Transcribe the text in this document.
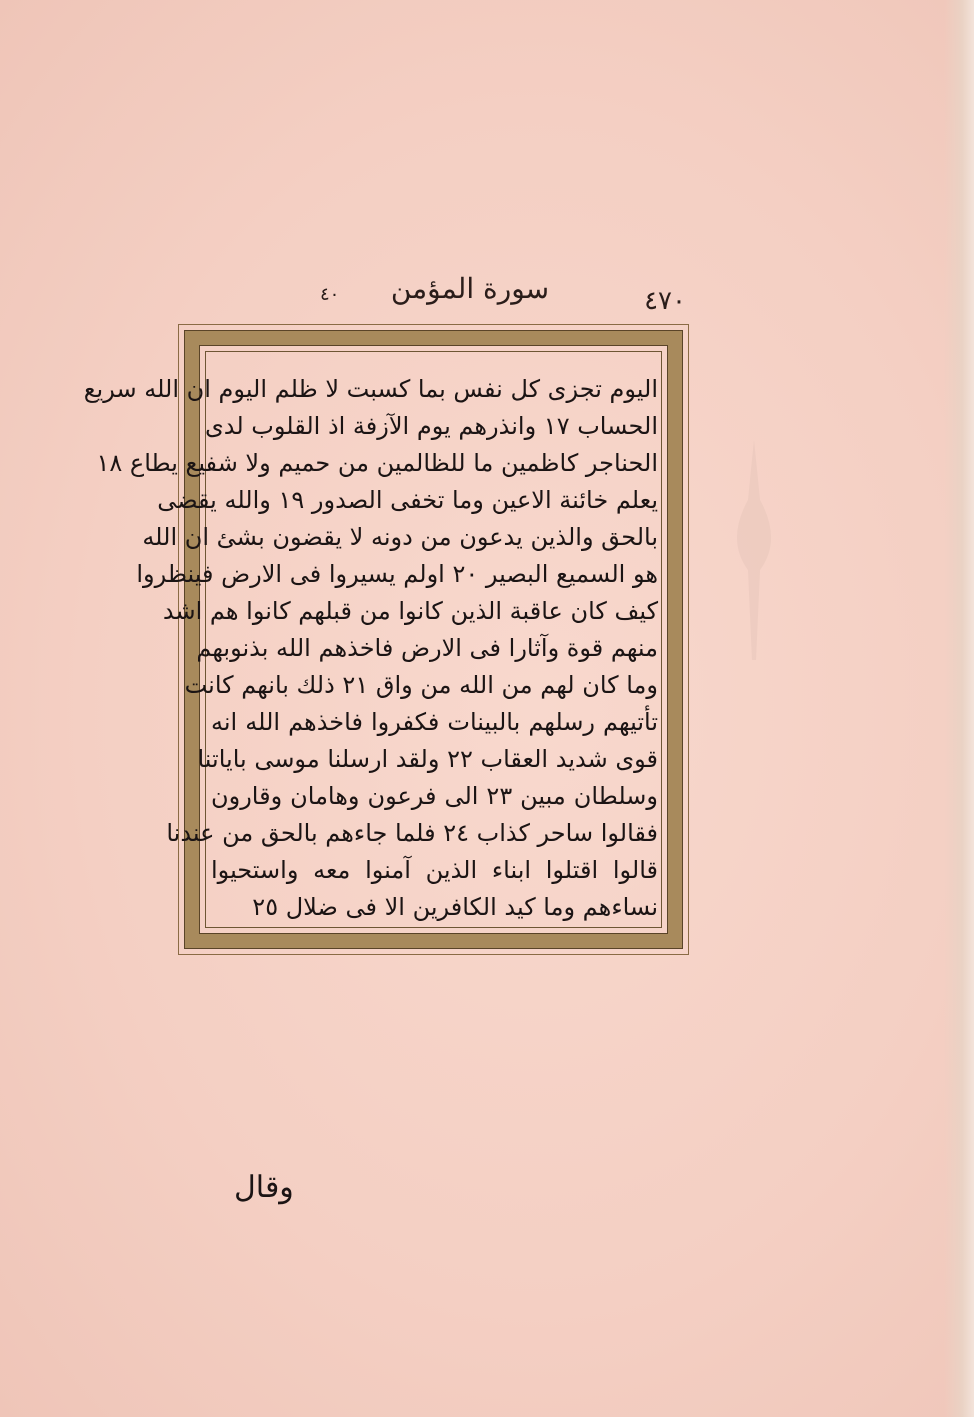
٤٧٠
سورة المؤمن
٤٠
اليوم تجزى كل نفس بما كسبت لا ظلم اليوم ان الله سريع
الحساب ١٧ وانذرهم يوم الآزفة اذ القلوب لدى
الحناجر كاظمين ما للظالمين من حميم ولا شفيع يطاع ١٨
يعلم خائنة الاعين وما تخفى الصدور ١٩ والله يقضى
بالحق والذين يدعون من دونه لا يقضون بشئ ان الله
هو السميع البصير ٢٠ اولم يسيروا فى الارض فينظروا
كيف كان عاقبة الذين كانوا من قبلهم كانوا هم اشد
منهم قوة وآثارا فى الارض فاخذهم الله بذنوبهم
وما كان لهم من الله من واق ٢١ ذلك بانهم كانت
تأتيهم رسلهم بالبينات فكفروا فاخذهم الله انه
قوى شديد العقاب ٢٢ ولقد ارسلنا موسى باياتنا
وسلطان مبين ٢٣ الى فرعون وهامان وقارون
فقالوا ساحر كذاب ٢٤ فلما جاءهم بالحق من عندنا
قالوا اقتلوا ابناء الذين آمنوا معه واستحيوا
نساءهم وما كيد الكافرين الا فى ضلال ٢٥
وقال
